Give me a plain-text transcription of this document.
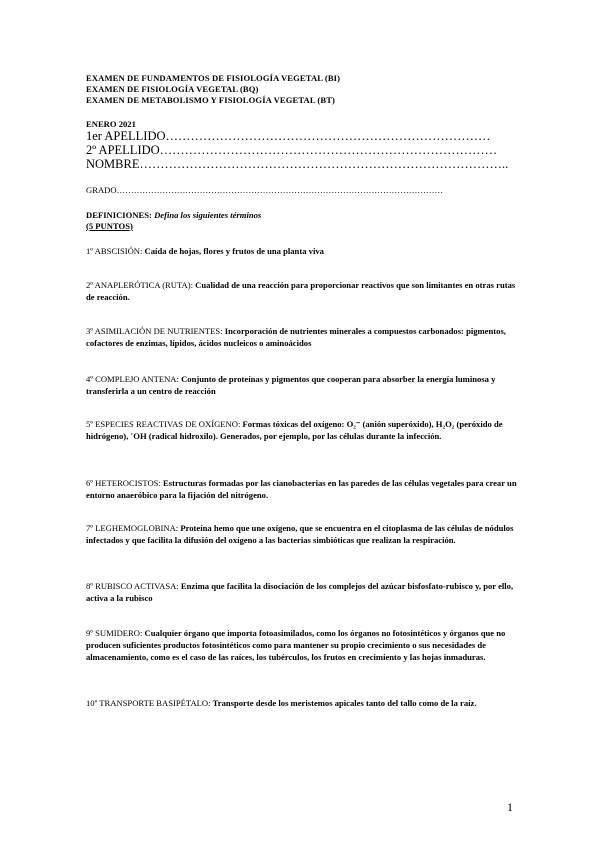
EXAMEN DE FUNDAMENTOS DE FISIOLOGÍA VEGETAL (BI)
EXAMEN DE FISIOLOGÍA VEGETAL (BQ)
EXAMEN DE METABOLISMO Y FISIOLOGÍA VEGETAL (BT)
ENERO 2021
1er APELLIDO……………………………………………………………………
2º APELLIDO………………………………………………………………………
NOMBRE……………………………………………………………………………..
GRADO……………………………………………………………………………………………………
DEFINICIONES: Defina los siguientes términos
(5 PUNTOS)
1º ABSCISIÓN: Caída de hojas, flores y frutos de una planta viva
2º ANAPLERÓTICA (RUTA): Cualidad de una reacción para proporcionar reactivos que son limitantes en otras rutas de reacción.
3º ASIMILACIÓN DE NUTRIENTES: Incorporación de nutrientes minerales a compuestos carbonados: pigmentos, cofactores de enzimas, lípidos, ácidos nucleicos o aminoácidos
4º COMPLEJO ANTENA: Conjunto de proteínas y pigmentos que cooperan para absorber la energía luminosa y transferirla a un centro de reacción
5º ESPECIES REACTIVAS DE OXÍGENO: Formas tóxicas del oxígeno: O₂⁻ (anión superóxido), H₂O₂ (peróxido de hidrógeno), ˙OH (radical hidroxilo). Generados, por ejemplo, por las células durante la infección.
6º HETEROCISTOS: Estructuras formadas por las cianobacterias en las paredes de las células vegetales para crear un entorno anaeróbico para la fijación del nitrógeno.
7º LEGHEMOGLOBINA: Proteína hemo que une oxígeno, que se encuentra en el citoplasma de las células de nódulos infectados y que facilita la difusión del oxígeno a las bacterias simbióticas que realizan la respiración.
8º RUBISCO ACTIVASA: Enzima que facilita la disociación de los complejos del azúcar bisfosfato-rubisco y, por ello, activa a la rubisco
9º SUMIDERO: Cualquier órgano que importa fotoasimilados, como los órganos no fotosintéticos y órganos que no producen suficientes productos fotosintéticos como para mantener su propio crecimiento o sus necesidades de almacenamiento, como es el caso de las raíces, los tubérculos, los frutos en crecimiento y las hojas inmaduras.
10º TRANSPORTE BASIPÉTALO: Transporte desde los meristemos apicales tanto del tallo como de la raíz.
1
